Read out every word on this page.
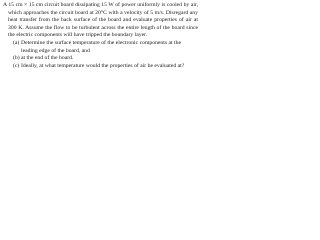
A 15 cm × 15 cm circuit board dissipating 15 W of power uniformly is cooled by air, which approaches the circuit board at 20°C with a velocity of 5 m/s. Disregard any heat transfer from the back surface of the board and evaluate properties of air at 300 K. Assume the flow to be turbulent across the entire length of the board since the electric components will have tripped the boundary layer.

(a) Determine the surface temperature of the electronic components at the leading edge of the board, and
(b) at the end of the board.
(c) Ideally, at what temperature would the properties of air be evaluated at?
